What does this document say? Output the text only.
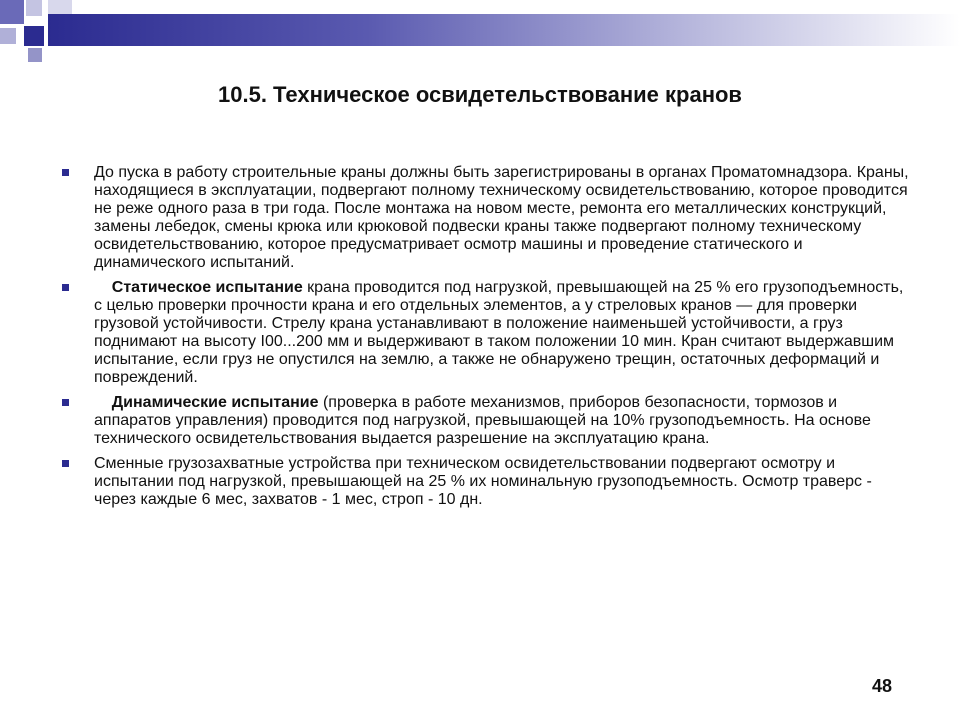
10.5. Техническое освидетельствование кранов

До пуска в работу строительные краны должны быть зарегистрированы в органах Проматомнадзора. Краны, находящиеся в эксплуатации, подвергают полному техническому освидетельствованию, которое проводится не реже одного раза в три года. После монтажа на новом месте, ремонта его металлических конструкций, замены лебедок, смены крюка или крюковой подвески краны также подвергают полному техническому освидетельствованию, которое предусматривает осмотр машины и проведение статического и динамического испытаний.

Статическое испытание крана проводится под нагрузкой, превышающей на 25 % его грузоподъемность, с целью проверки прочности крана и его отдельных элементов, а у стреловых кранов — для проверки грузовой устойчивости. Стрелу крана устанавливают в положение наименьшей устойчивости, а груз поднимают на высоту I00...200 мм и выдерживают в таком положении 10 мин. Кран считают выдержавшим испытание, если груз не опустился на землю, а также не обнаружено трещин, остаточных деформаций и повреждений.

Динамические испытание (проверка в работе механизмов, приборов безопасности, тормозов и аппаратов управления) проводится под нагрузкой, превышающей на 10% грузоподъемность. На основе технического освидетельствования выдается разрешение на эксплуатацию крана.

Сменные грузозахватные устройства при техническом освидетельствовании подвергают осмотру и испытании под нагрузкой, превышающей на 25 % их номинальную грузоподъемность. Осмотр траверс - через каждые 6 мес, захватов - 1 мес, строп - 10 дн.

48
